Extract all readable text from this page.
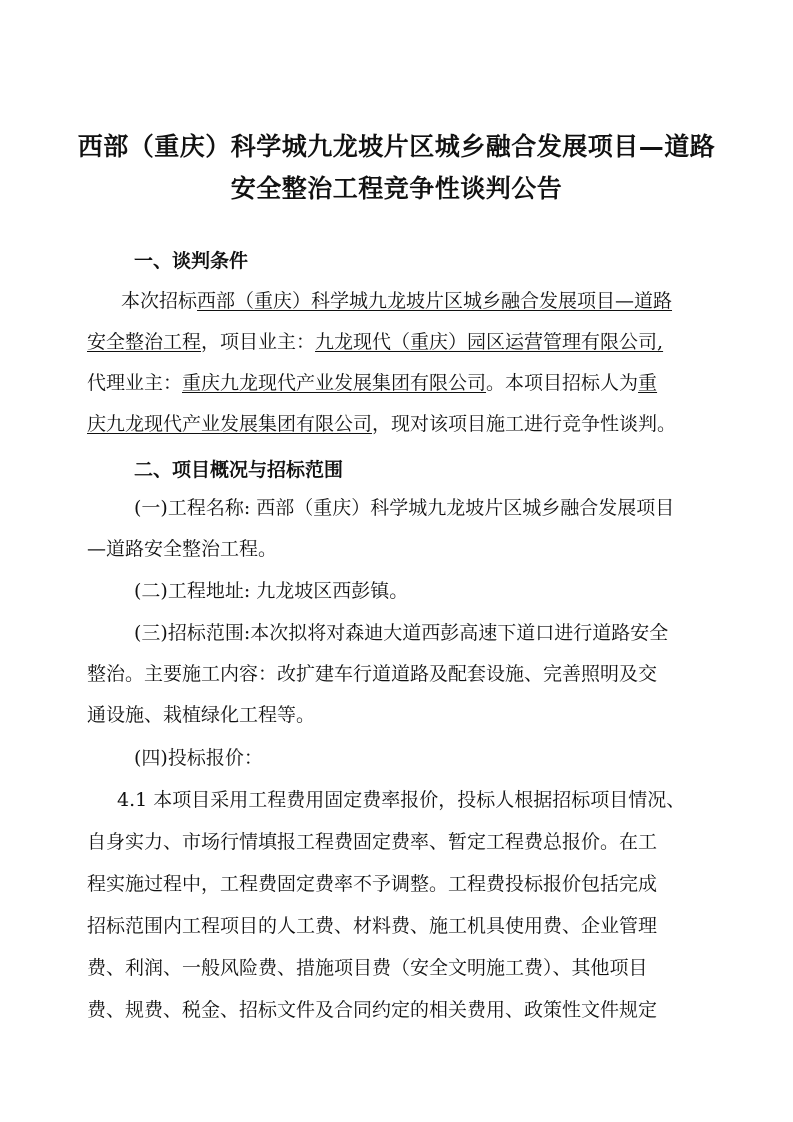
西部（重庆）科学城九龙坡片区城乡融合发展项目—道路
安全整治工程竞争性谈判公告
一、谈判条件
本次招标西部（重庆）科学城九龙坡片区城乡融合发展项目—道路
安全整治工程，项目业主：九龙现代（重庆）园区运营管理有限公司,
代理业主：重庆九龙现代产业发展集团有限公司。本项目招标人为重
庆九龙现代产业发展集团有限公司，现对该项目施工进行竞争性谈判。
二、项目概况与招标范围
(一)工程名称: 西部（重庆）科学城九龙坡片区城乡融合发展项目
—道路安全整治工程。
(二)工程地址: 九龙坡区西彭镇。
(三)招标范围:本次拟将对森迪大道西彭高速下道口进行道路安全
整治。主要施工内容：改扩建车行道道路及配套设施、完善照明及交
通设施、栽植绿化工程等。
(四)投标报价：
4.1 本项目采用工程费用固定费率报价，投标人根据招标项目情况、
自身实力、市场行情填报工程费固定费率、暂定工程费总报价。在工
程实施过程中，工程费固定费率不予调整。工程费投标报价包括完成
招标范围内工程项目的人工费、材料费、施工机具使用费、企业管理
费、利润、一般风险费、措施项目费（安全文明施工费）、其他项目
费、规费、税金、招标文件及合同约定的相关费用、政策性文件规定
